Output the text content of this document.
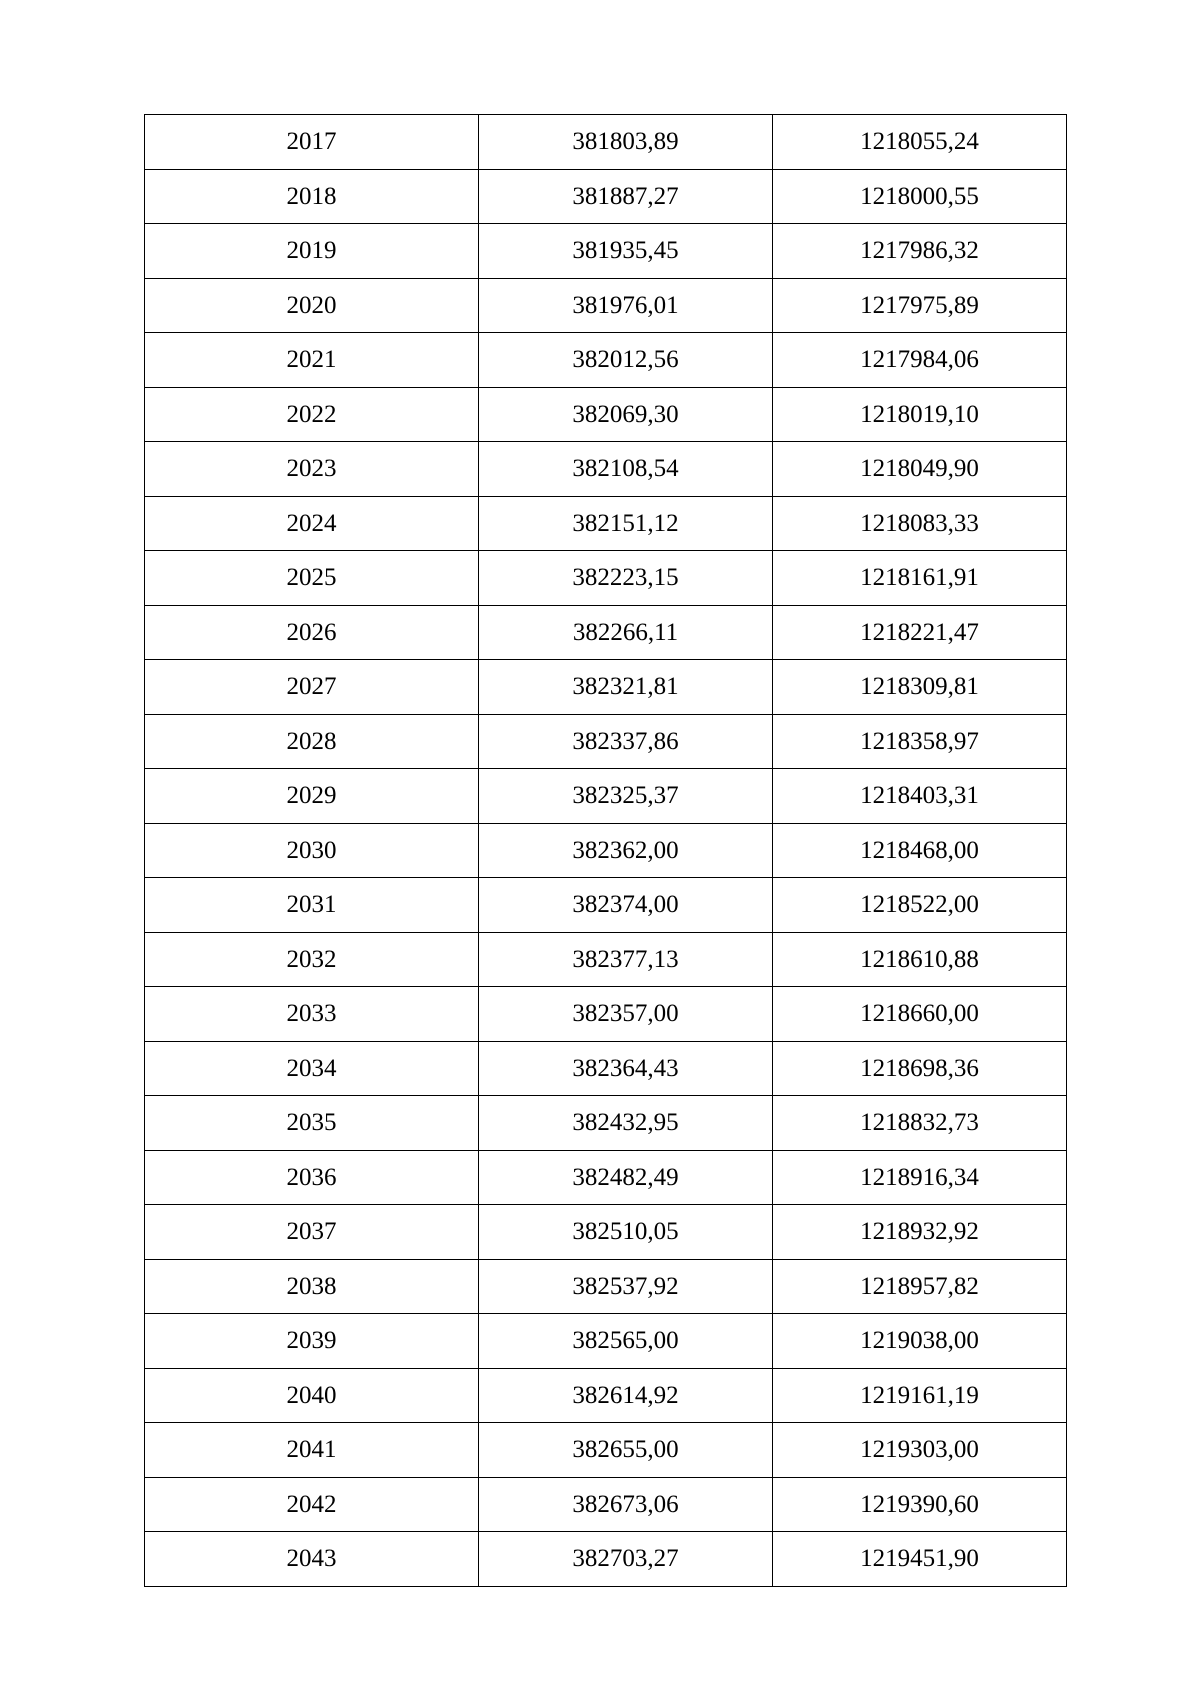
2017	381803,89	1218055,24
2018	381887,27	1218000,55
2019	381935,45	1217986,32
2020	381976,01	1217975,89
2021	382012,56	1217984,06
2022	382069,30	1218019,10
2023	382108,54	1218049,90
2024	382151,12	1218083,33
2025	382223,15	1218161,91
2026	382266,11	1218221,47
2027	382321,81	1218309,81
2028	382337,86	1218358,97
2029	382325,37	1218403,31
2030	382362,00	1218468,00
2031	382374,00	1218522,00
2032	382377,13	1218610,88
2033	382357,00	1218660,00
2034	382364,43	1218698,36
2035	382432,95	1218832,73
2036	382482,49	1218916,34
2037	382510,05	1218932,92
2038	382537,92	1218957,82
2039	382565,00	1219038,00
2040	382614,92	1219161,19
2041	382655,00	1219303,00
2042	382673,06	1219390,60
2043	382703,27	1219451,90
